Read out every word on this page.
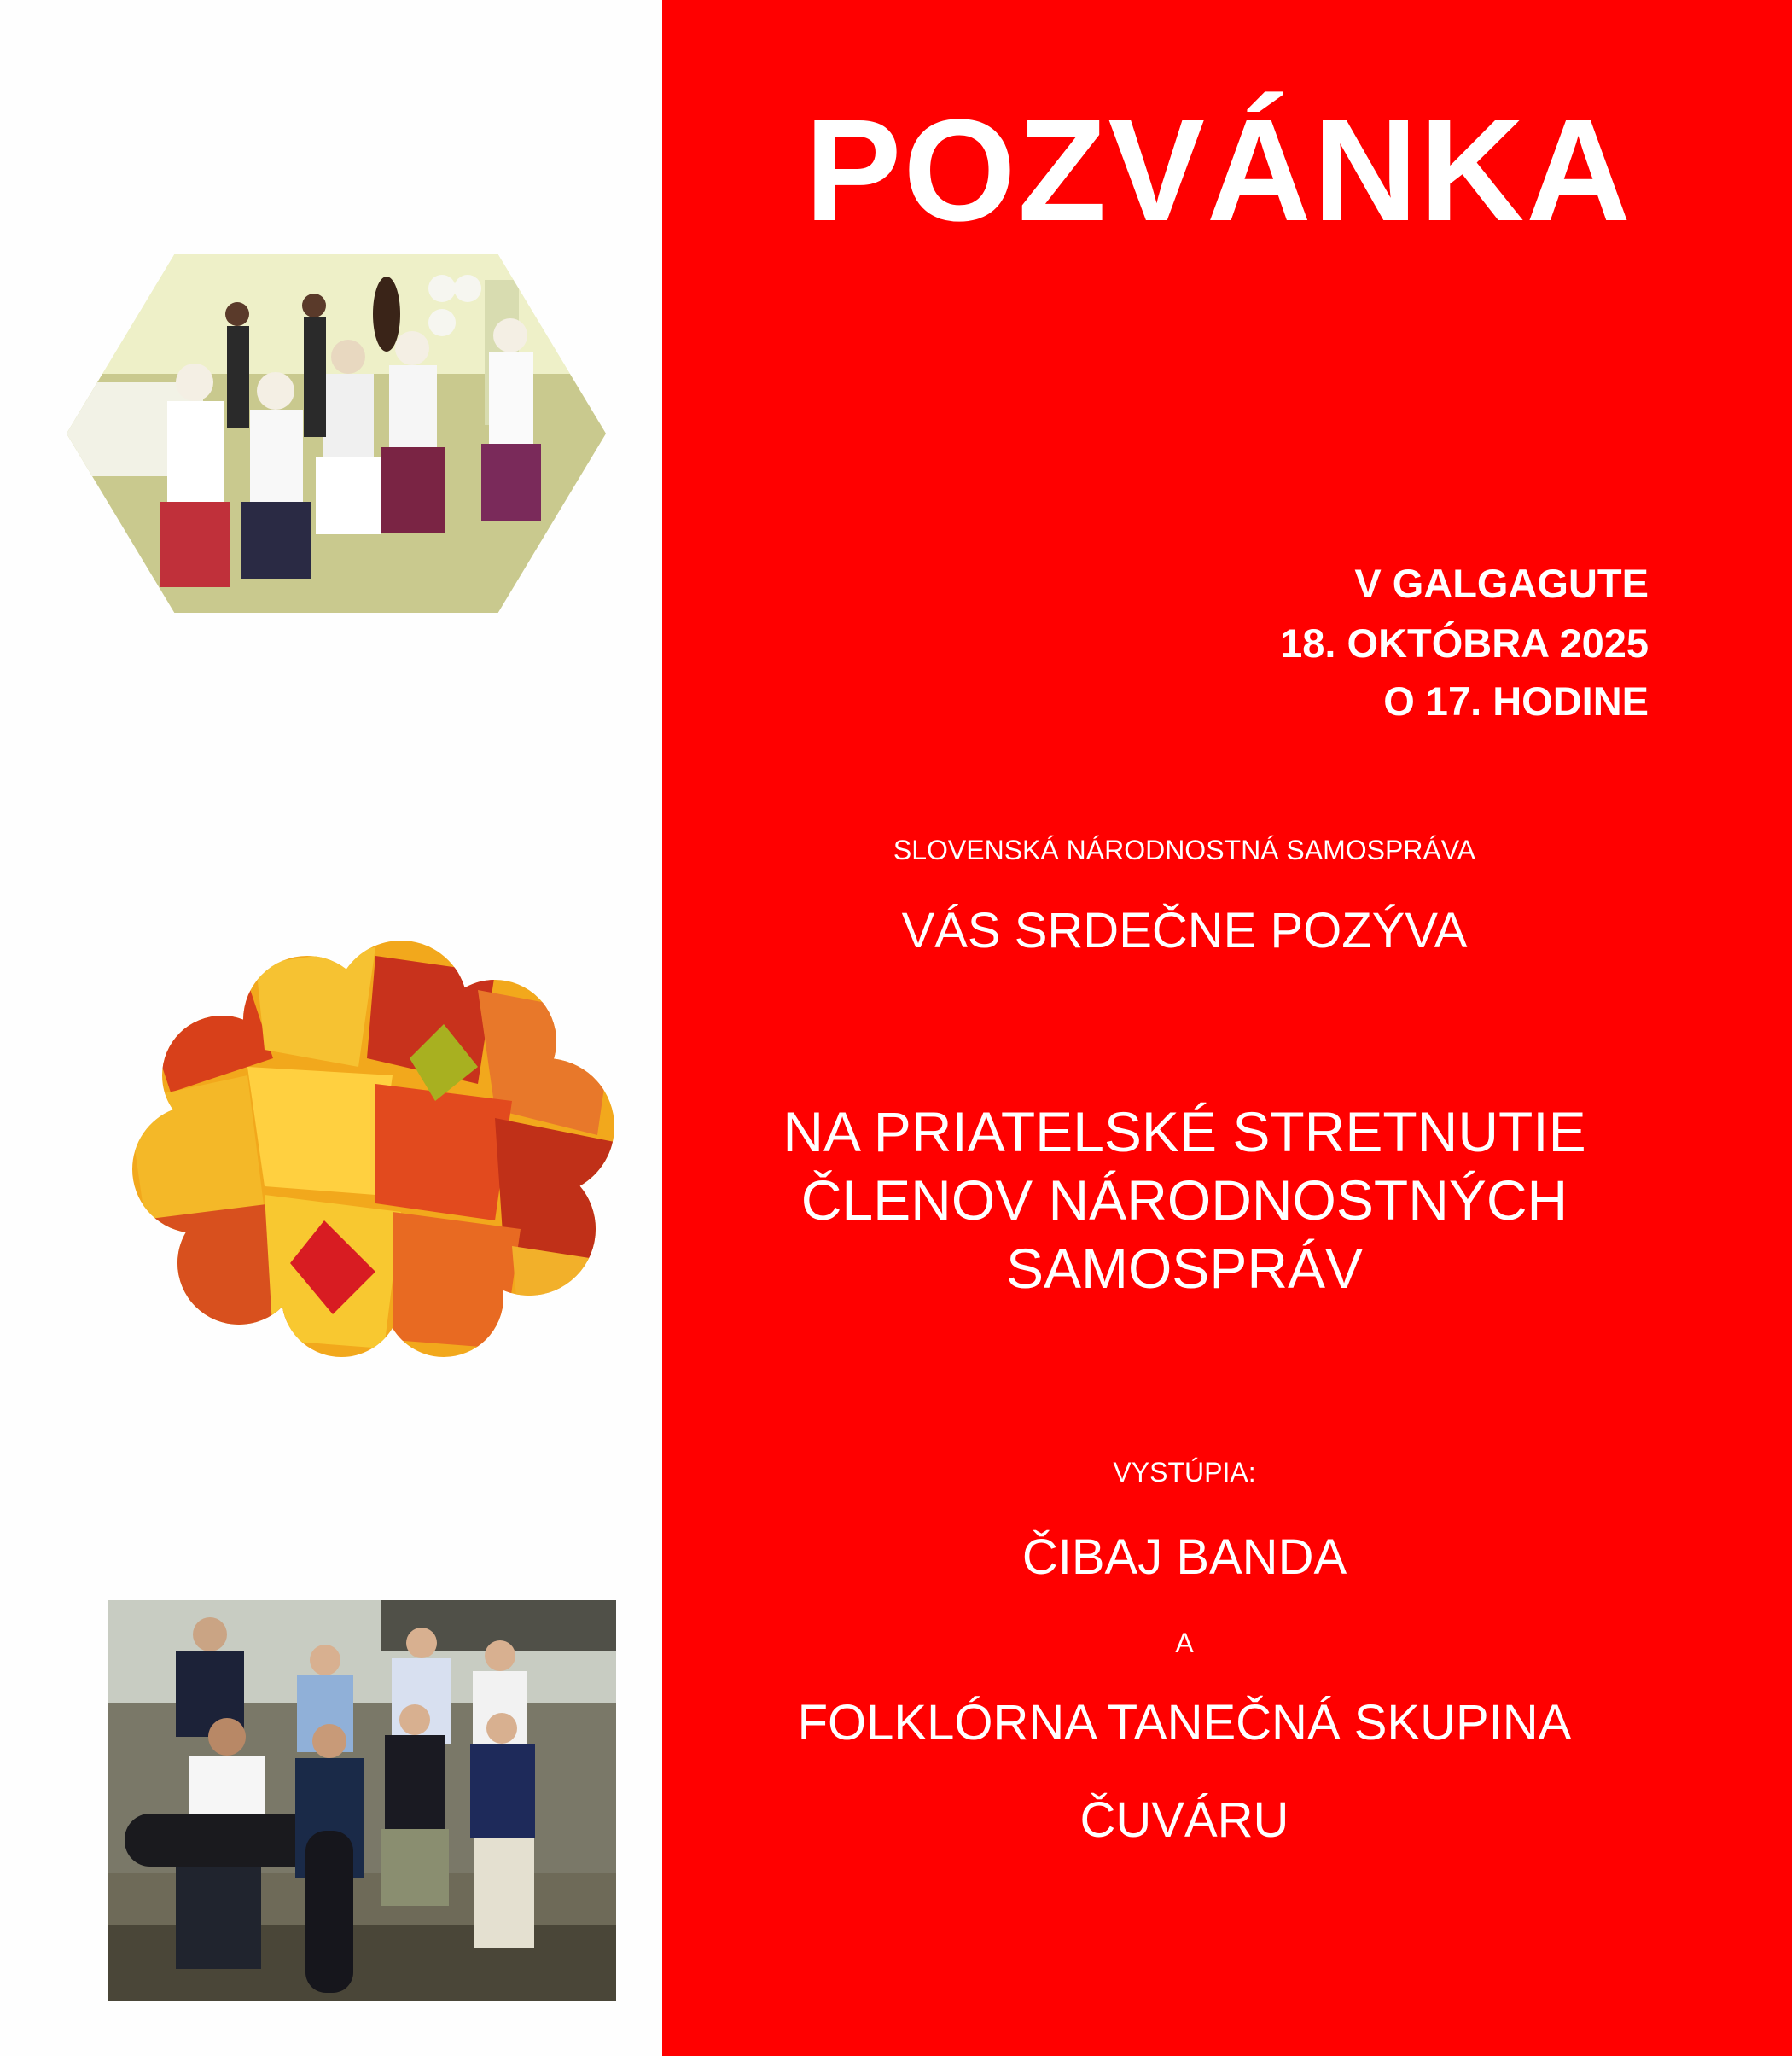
POZVÁNKA
V GALGAGUTE
18. OKTÓBRA 2025
O 17. HODINE
SLOVENSKÁ NÁRODNOSTNÁ SAMOSPRÁVA
VÁS SRDEČNE POZÝVA
NA PRIATELSKÉ STRETNUTIE
ČLENOV NÁRODNOSTNÝCH
SAMOSPRÁV
VYSTÚPIA:
ČIBAJ BANDA
A
FOLKLÓRNA TANEČNÁ SKUPINA
ČUVÁRU
